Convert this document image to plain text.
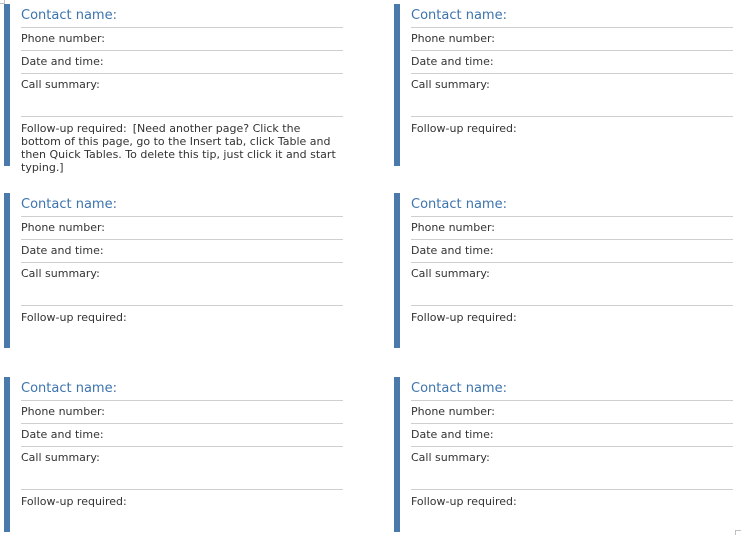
Contact name:
Phone number:
Date and time:
Call summary:
Follow-up required: [Need another page? Click the bottom of this page, go to the Insert tab, click Table and then Quick Tables. To delete this tip, just click it and start typing.]
Contact name:
Phone number:
Date and time:
Call summary:
Follow-up required:
Contact name:
Phone number:
Date and time:
Call summary:
Follow-up required:
Contact name:
Phone number:
Date and time:
Call summary:
Follow-up required:
Contact name:
Phone number:
Date and time:
Call summary:
Follow-up required:
Contact name:
Phone number:
Date and time:
Call summary:
Follow-up required:
